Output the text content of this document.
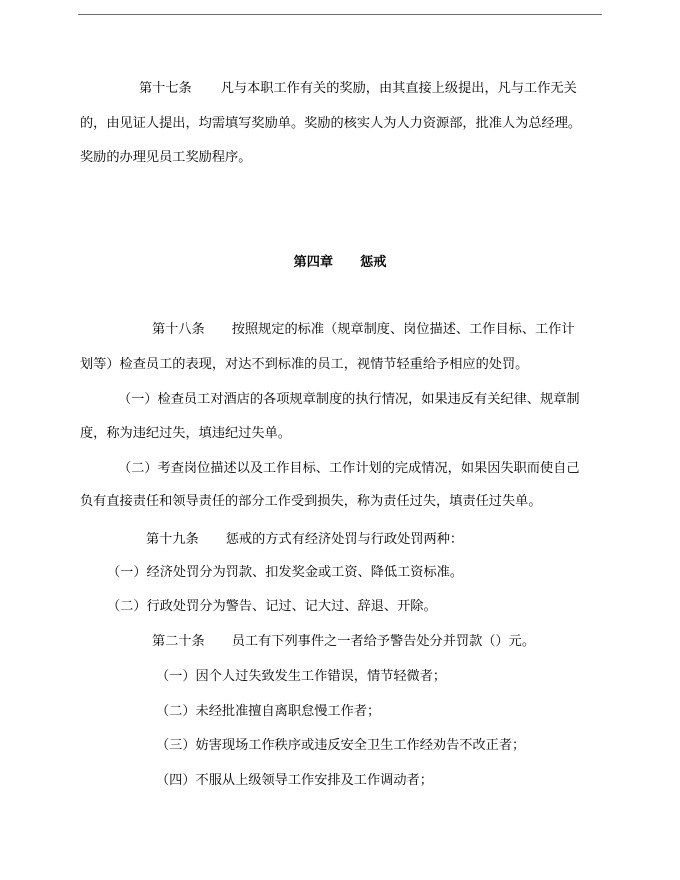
第十七条 凡与本职工作有关的奖励，由其直接上级提出，凡与工作无关
的，由见证人提出，均需填写奖励单。奖励的核实人为人力资源部，批准人为总经理。
奖励的办理见员工奖励程序。
第四章 惩戒
第十八条 按照规定的标准（规章制度、岗位描述、工作目标、工作计
划等）检查员工的表现，对达不到标准的员工，视情节轻重给予相应的处罚。
（一）检查员工对酒店的各项规章制度的执行情况，如果违反有关纪律、规章制
度，称为违纪过失，填违纪过失单。
（二）考查岗位描述以及工作目标、工作计划的完成情况，如果因失职而使自己
负有直接责任和领导责任的部分工作受到损失，称为责任过失，填责任过失单。
第十九条 惩戒的方式有经济处罚与行政处罚两种：
（一）经济处罚分为罚款、扣发奖金或工资、降低工资标准。
（二）行政处罚分为警告、记过、记大过、辞退、开除。
第二十条 员工有下列事件之一者给予警告处分并罚款（）元。
（一）因个人过失致发生工作错误，情节轻微者；
（二）未经批准擅自离职怠慢工作者；
（三）妨害现场工作秩序或违反安全卫生工作经劝告不改正者；
（四）不服从上级领导工作安排及工作调动者；
